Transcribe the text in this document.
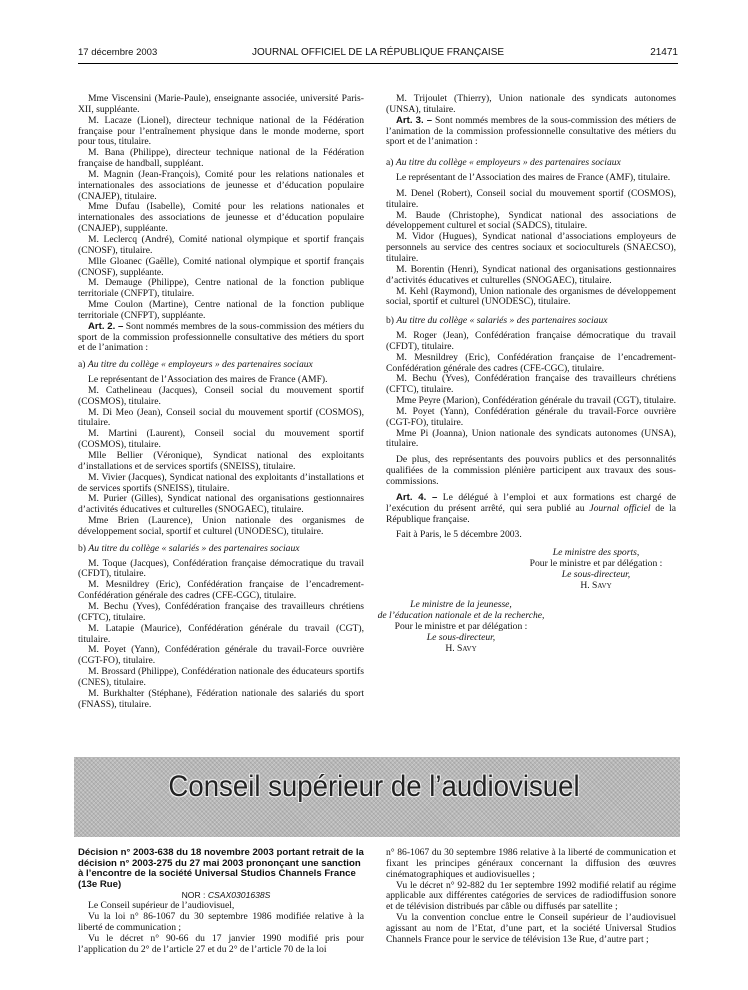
17 décembre 2003	JOURNAL OFFICIEL DE LA RÉPUBLIQUE FRANÇAISE	21471

Mme Viscensini (Marie-Paule), enseignante associée, université Paris-XII, suppléante.

M. Lacaze (Lionel), directeur technique national de la Fédération française pour l’entraînement physique dans le monde moderne, sport pour tous, titulaire.

M. Bana (Philippe), directeur technique national de la Fédération française de handball, suppléant.

M. Magnin (Jean-François), Comité pour les relations nationales et internationales des associations de jeunesse et d’éducation populaire (CNAJEP), titulaire.

Mme Dufau (Isabelle), Comité pour les relations nationales et internationales des associations de jeunesse et d’éducation populaire (CNAJEP), suppléante.

M. Leclercq (André), Comité national olympique et sportif français (CNOSF), titulaire.

Mlle Gloanec (Gaëlle), Comité national olympique et sportif français (CNOSF), suppléante.

M. Demauge (Philippe), Centre national de la fonction publique territoriale (CNFPT), titulaire.

Mme Coulon (Martine), Centre national de la fonction publique territoriale (CNFPT), suppléante.

Art. 2. – Sont nommés membres de la sous-commission des métiers du sport de la commission professionnelle consultative des métiers du sport et de l’animation :

a) Au titre du collège « employeurs » des partenaires sociaux

Le représentant de l’Association des maires de France (AMF).

M. Cathelineau (Jacques), Conseil social du mouvement sportif (COSMOS), titulaire.

M. Di Meo (Jean), Conseil social du mouvement sportif (COSMOS), titulaire.

M. Martini (Laurent), Conseil social du mouvement sportif (COSMOS), titulaire.

Mlle Bellier (Véronique), Syndicat national des exploitants d’installations et de services sportifs (SNEISS), titulaire.

M. Vivier (Jacques), Syndicat national des exploitants d’installations et de services sportifs (SNEISS), titulaire.

M. Purier (Gilles), Syndicat national des organisations gestionnaires d’activités éducatives et culturelles (SNOGAEC), titulaire.

Mme Brien (Laurence), Union nationale des organismes de développement social, sportif et culturel (UNODESC), titulaire.

b) Au titre du collège « salariés » des partenaires sociaux

M. Toque (Jacques), Confédération française démocratique du travail (CFDT), titulaire.

M. Mesnildrey (Eric), Confédération française de l’encadrement-Confédération générale des cadres (CFE-CGC), titulaire.

M. Bechu (Yves), Confédération française des travailleurs chrétiens (CFTC), titulaire.

M. Latapie (Maurice), Confédération générale du travail (CGT), titulaire.

M. Poyet (Yann), Confédération générale du travail-Force ouvrière (CGT-FO), titulaire.

M. Brossard (Philippe), Confédération nationale des éducateurs sportifs (CNES), titulaire.

M. Burkhalter (Stéphane), Fédération nationale des salariés du sport (FNASS), titulaire.

M. Trijoulet (Thierry), Union nationale des syndicats autonomes (UNSA), titulaire.

Art. 3. – Sont nommés membres de la sous-commission des métiers de l’animation de la commission professionnelle consultative des métiers du sport et de l’animation :

a) Au titre du collège « employeurs » des partenaires sociaux

Le représentant de l’Association des maires de France (AMF), titulaire.

M. Denel (Robert), Conseil social du mouvement sportif (COSMOS), titulaire.

M. Baude (Christophe), Syndicat national des associations de développement culturel et social (SADCS), titulaire.

M. Vidor (Hugues), Syndicat national d’associations employeurs de personnels au service des centres sociaux et socioculturels (SNAECSO), titulaire.

M. Borentin (Henri), Syndicat national des organisations gestionnaires d’activités éducatives et culturelles (SNOGAEC), titulaire.

M. Kehl (Raymond), Union nationale des organismes de développement social, sportif et culturel (UNODESC), titulaire.

b) Au titre du collège « salariés » des partenaires sociaux

M. Roger (Jean), Confédération française démocratique du travail (CFDT), titulaire.

M. Mesnildrey (Eric), Confédération française de l’encadrement-Confédération générale des cadres (CFE-CGC), titulaire.

M. Bechu (Yves), Confédération française des travailleurs chrétiens (CFTC), titulaire.

Mme Peyre (Marion), Confédération générale du travail (CGT), titulaire.

M. Poyet (Yann), Confédération générale du travail-Force ouvrière (CGT-FO), titulaire.

Mme Pi (Joanna), Union nationale des syndicats autonomes (UNSA), titulaire.

De plus, des représentants des pouvoirs publics et des personnalités qualifiées de la commission plénière participent aux travaux des sous-commissions.

Art. 4. – Le délégué à l’emploi et aux formations est chargé de l’exécution du présent arrêté, qui sera publié au Journal officiel de la République française.

Fait à Paris, le 5 décembre 2003.

Le ministre des sports,
Pour le ministre et par délégation :
Le sous-directeur,
H. Savy
Le ministre de la jeunesse,
de l’éducation nationale et de la recherche,
Pour le ministre et par délégation :
Le sous-directeur,
H. Savy
Conseil supérieur de l’audiovisuel
Décision n° 2003-638 du 18 novembre 2003 portant retrait de la décision n° 2003-275 du 27 mai 2003 prononçant une sanction à l’encontre de la société Universal Studios Channels France (13e Rue)

NOR : CSAX0301638S

Le Conseil supérieur de l’audiovisuel,

Vu la loi n° 86-1067 du 30 septembre 1986 modifiée relative à la liberté de communication ;

Vu le décret n° 90-66 du 17 janvier 1990 modifié pris pour l’application du 2° de l’article 27 et du 2° de l’article 70 de la loi

n° 86-1067 du 30 septembre 1986 relative à la liberté de communication et fixant les principes généraux concernant la diffusion des œuvres cinématographiques et audiovisuelles ;

Vu le décret n° 92-882 du 1er septembre 1992 modifié relatif au régime applicable aux différentes catégories de services de radiodiffusion sonore et de télévision distribués par câble ou diffusés par satellite ;

Vu la convention conclue entre le Conseil supérieur de l’audiovisuel agissant au nom de l’Etat, d’une part, et la société Universal Studios Channels France pour le service de télévision 13e Rue, d’autre part ;
